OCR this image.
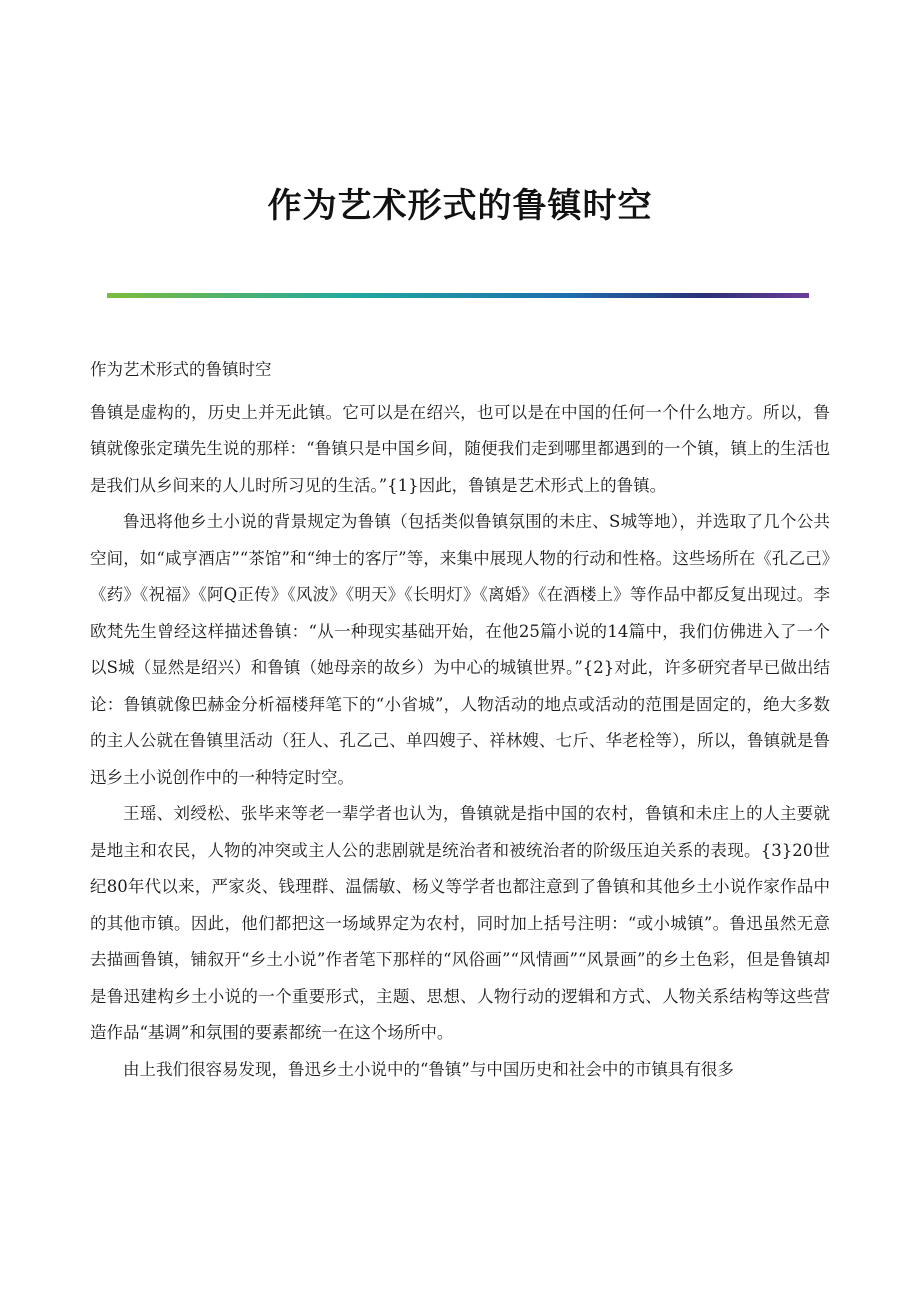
作为艺术形式的鲁镇时空

作为艺术形式的鲁镇时空

鲁镇是虚构的，历史上并无此镇。它可以是在绍兴，也可以是在中国的任何一个什么地方。所以，鲁镇就像张定璜先生说的那样：“鲁镇只是中国乡间，随便我们走到哪里都遇到的一个镇，镇上的生活也是我们从乡间来的人儿时所习见的生活。”{1}因此，鲁镇是艺术形式上的鲁镇。

鲁迅将他乡土小说的背景规定为鲁镇（包括类似鲁镇氛围的未庄、S城等地），并选取了几个公共空间，如“咸亨酒店”“茶馆”和“绅士的客厅”等，来集中展现人物的行动和性格。这些场所在《孔乙己》《药》《祝福》《阿Q正传》《风波》《明天》《长明灯》《离婚》《在酒楼上》等作品中都反复出现过。李欧梵先生曾经这样描述鲁镇：“从一种现实基础开始，在他25篇小说的14篇中，我们仿佛进入了一个以S城（显然是绍兴）和鲁镇（她母亲的故乡）为中心的城镇世界。”{2}对此，许多研究者早已做出结论：鲁镇就像巴赫金分析福楼拜笔下的“小省城”，人物活动的地点或活动的范围是固定的，绝大多数的主人公就在鲁镇里活动（狂人、孔乙己、单四嫂子、祥林嫂、七斤、华老栓等），所以，鲁镇就是鲁迅乡土小说创作中的一种特定时空。

王瑶、刘绶松、张毕来等老一辈学者也认为，鲁镇就是指中国的农村，鲁镇和未庄上的人主要就是地主和农民，人物的冲突或主人公的悲剧就是统治者和被统治者的阶级压迫关系的表现。{3}20世纪80年代以来，严家炎、钱理群、温儒敏、杨义等学者也都注意到了鲁镇和其他乡土小说作家作品中的其他市镇。因此，他们都把这一场域界定为农村，同时加上括号注明：“或小城镇”。鲁迅虽然无意去描画鲁镇，铺叙开“乡土小说”作者笔下那样的“风俗画”“风情画”“风景画”的乡土色彩，但是鲁镇却是鲁迅建构乡土小说的一个重要形式，主题、思想、人物行动的逻辑和方式、人物关系结构等这些营造作品“基调”和氛围的要素都统一在这个场所中。

由上我们很容易发现，鲁迅乡土小说中的“鲁镇”与中国历史和社会中的市镇具有很多
